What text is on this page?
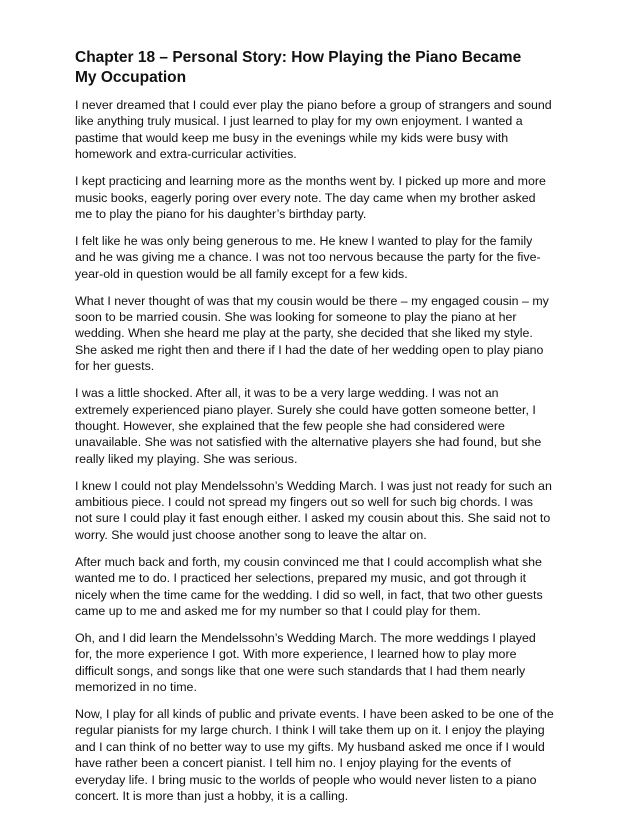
Chapter 18 – Personal Story: How Playing the Piano Became
My Occupation

I never dreamed that I could ever play the piano before a group of strangers and sound
like anything truly musical. I just learned to play for my own enjoyment. I wanted a
pastime that would keep me busy in the evenings while my kids were busy with
homework and extra-curricular activities.

I kept practicing and learning more as the months went by. I picked up more and more
music books, eagerly poring over every note. The day came when my brother asked
me to play the piano for his daughter’s birthday party.

I felt like he was only being generous to me. He knew I wanted to play for the family
and he was giving me a chance. I was not too nervous because the party for the five-
year-old in question would be all family except for a few kids.

What I never thought of was that my cousin would be there – my engaged cousin – my
soon to be married cousin. She was looking for someone to play the piano at her
wedding. When she heard me play at the party, she decided that she liked my style.
She asked me right then and there if I had the date of her wedding open to play piano
for her guests.

I was a little shocked. After all, it was to be a very large wedding. I was not an
extremely experienced piano player. Surely she could have gotten someone better, I
thought. However, she explained that the few people she had considered were
unavailable. She was not satisfied with the alternative players she had found, but she
really liked my playing. She was serious.

I knew I could not play Mendelssohn’s Wedding March. I was just not ready for such an
ambitious piece. I could not spread my fingers out so well for such big chords. I was
not sure I could play it fast enough either. I asked my cousin about this. She said not to
worry. She would just choose another song to leave the altar on.

After much back and forth, my cousin convinced me that I could accomplish what she
wanted me to do. I practiced her selections, prepared my music, and got through it
nicely when the time came for the wedding. I did so well, in fact, that two other guests
came up to me and asked me for my number so that I could play for them.

Oh, and I did learn the Mendelssohn’s Wedding March. The more weddings I played
for, the more experience I got. With more experience, I learned how to play more
difficult songs, and songs like that one were such standards that I had them nearly
memorized in no time.

Now, I play for all kinds of public and private events. I have been asked to be one of the
regular pianists for my large church. I think I will take them up on it. I enjoy the playing
and I can think of no better way to use my gifts. My husband asked me once if I would
have rather been a concert pianist. I tell him no. I enjoy playing for the events of
everyday life. I bring music to the worlds of people who would never listen to a piano
concert. It is more than just a hobby, it is a calling.
